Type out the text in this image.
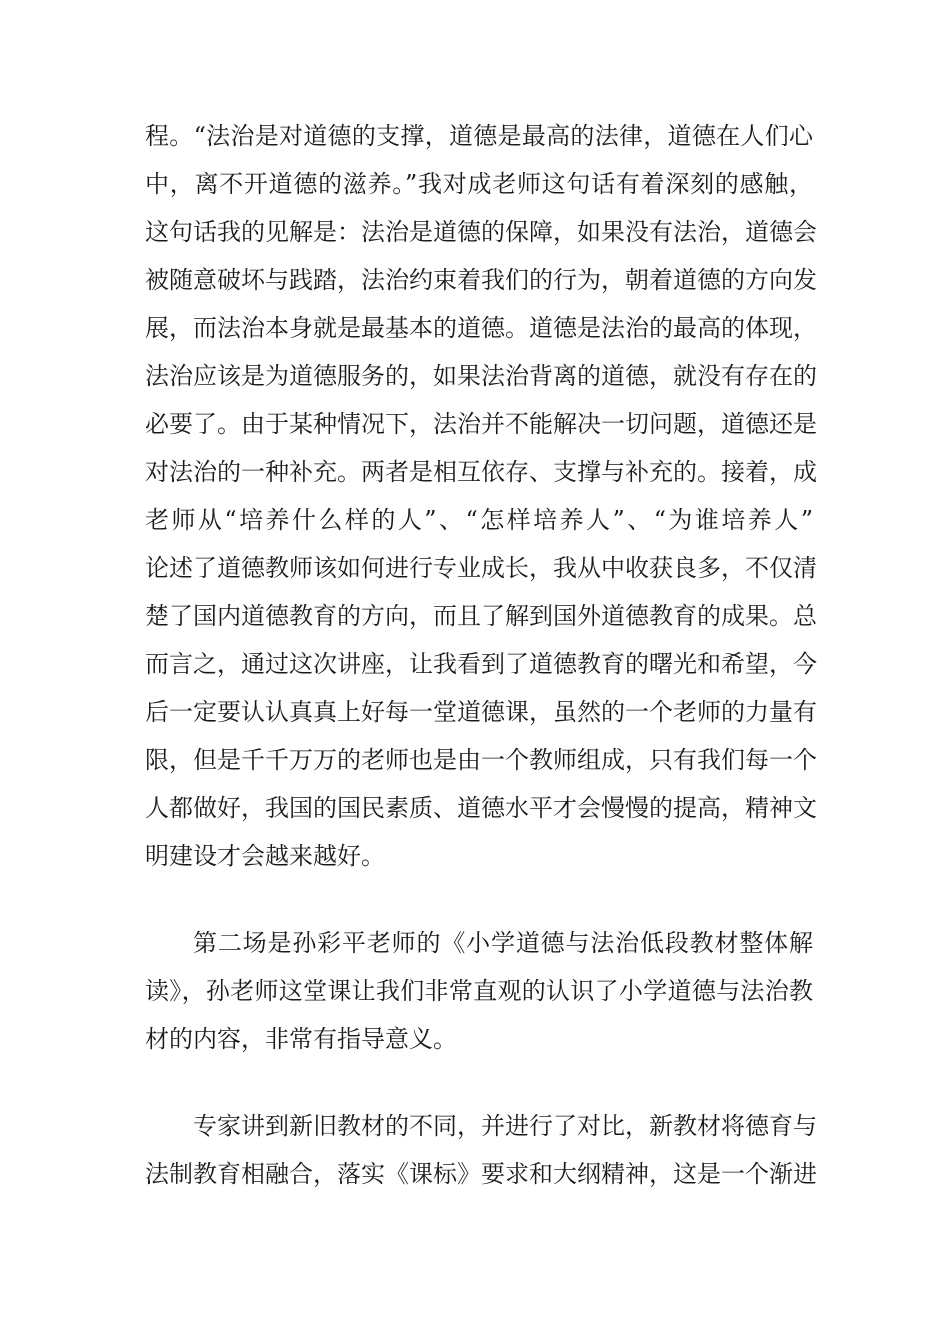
程。“法治是对道德的支撑，道德是最高的法律，道德在人们心
中，离不开道德的滋养。”我对成老师这句话有着深刻的感触，
这句话我的见解是：法治是道德的保障，如果没有法治，道德会
被随意破坏与践踏，法治约束着我们的行为，朝着道德的方向发
展，而法治本身就是最基本的道德。道德是法治的最高的体现，
法治应该是为道德服务的，如果法治背离的道德，就没有存在的
必要了。由于某种情况下，法治并不能解决一切问题，道德还是
对法治的一种补充。两者是相互依存、支撑与补充的。接着，成
老师从“培养什么样的人”、“怎样培养人”、“为谁培养人”
论述了道德教师该如何进行专业成长，我从中收获良多，不仅清
楚了国内道德教育的方向，而且了解到国外道德教育的成果。总
而言之，通过这次讲座，让我看到了道德教育的曙光和希望，今
后一定要认认真真上好每一堂道德课，虽然的一个老师的力量有
限，但是千千万万的老师也是由一个教师组成，只有我们每一个
人都做好，我国的国民素质、道德水平才会慢慢的提高，精神文
明建设才会越来越好。
第二场是孙彩平老师的《小学道德与法治低段教材整体解
读》，孙老师这堂课让我们非常直观的认识了小学道德与法治教
材的内容，非常有指导意义。
专家讲到新旧教材的不同，并进行了对比，新教材将德育与
法制教育相融合，落实《课标》要求和大纲精神，这是一个渐进
